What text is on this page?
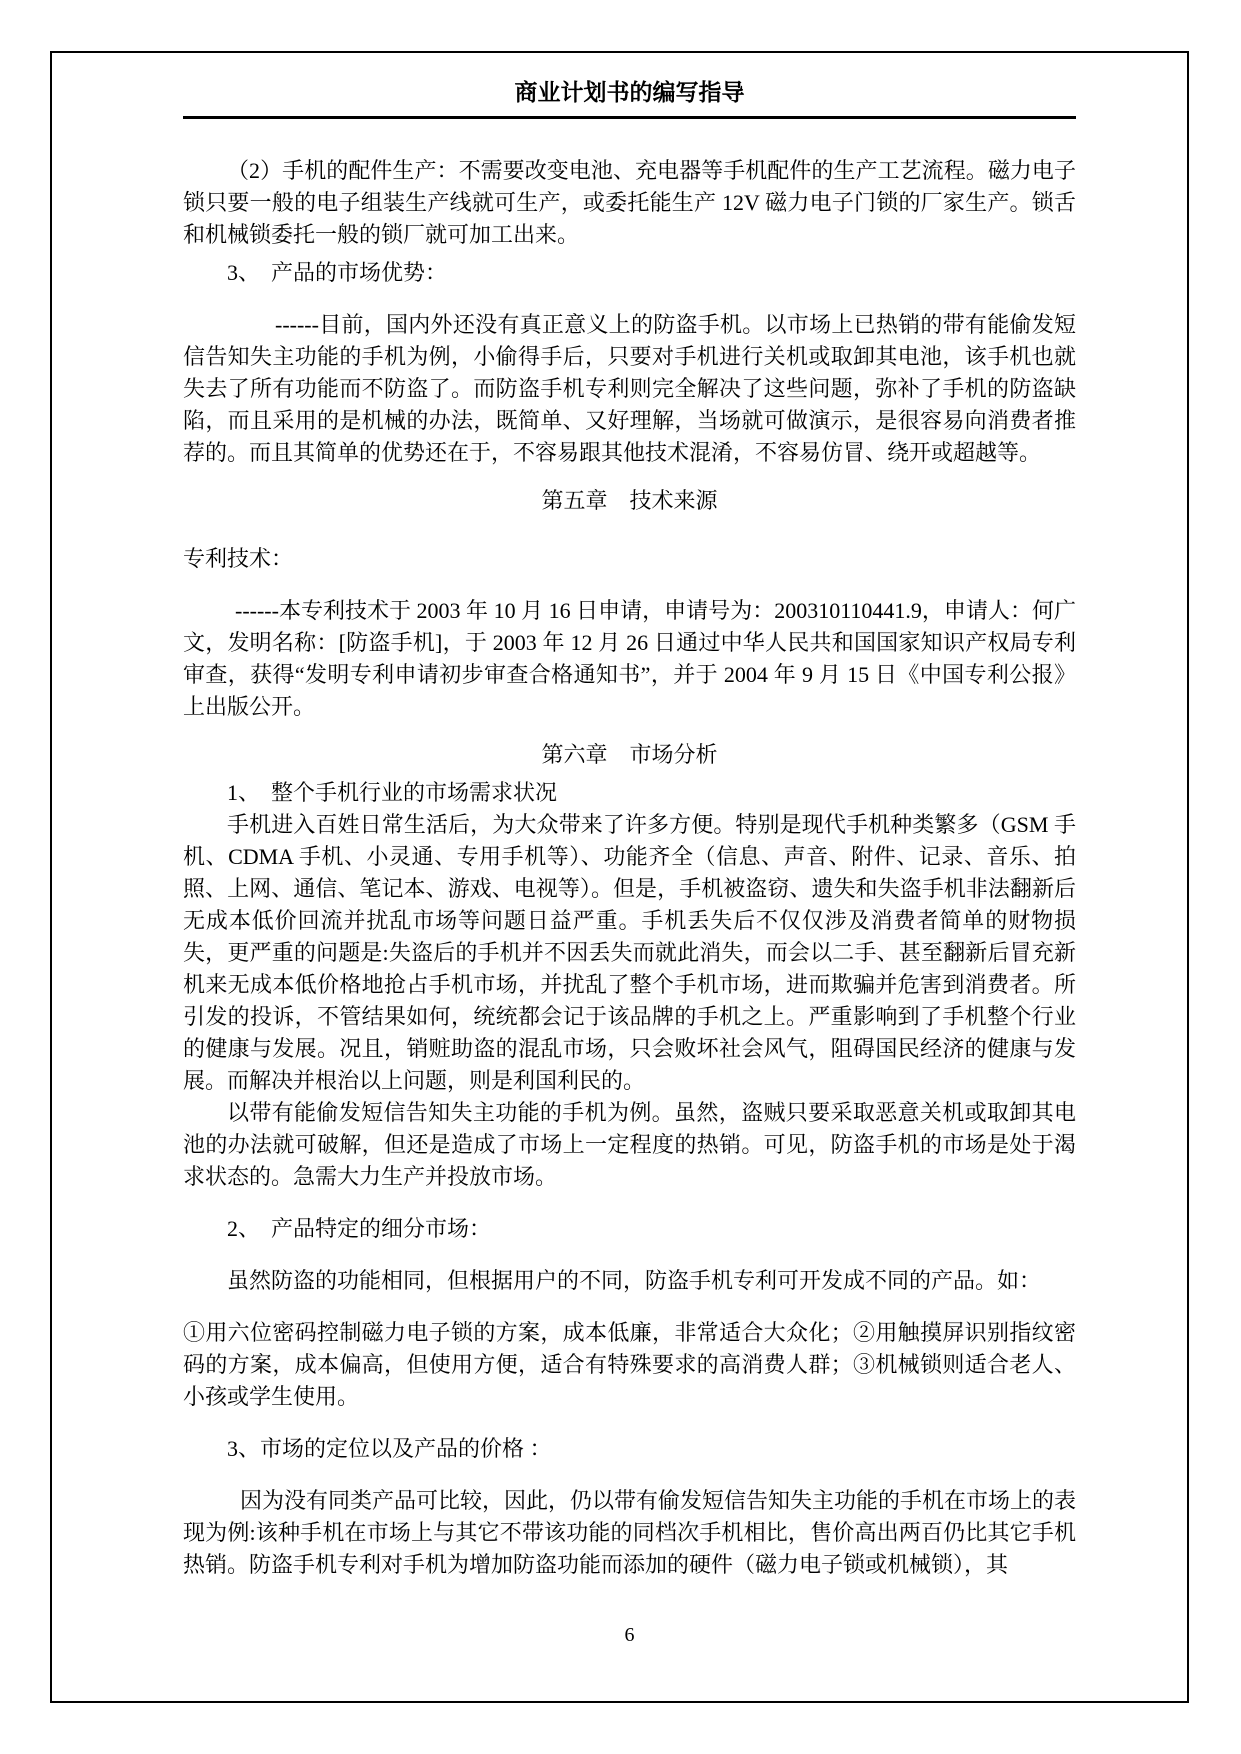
商业计划书的编写指导

（2）手机的配件生产：不需要改变电池、充电器等手机配件的生产工艺流程。磁力电子锁只要一般的电子组装生产线就可生产，或委托能生产 12V 磁力电子门锁的厂家生产。锁舌和机械锁委托一般的锁厂就可加工出来。

3、　产品的市场优势：

------目前，国内外还没有真正意义上的防盗手机。以市场上已热销的带有能偷发短信告知失主功能的手机为例，小偷得手后，只要对手机进行关机或取卸其电池，该手机也就失去了所有功能而不防盗了。而防盗手机专利则完全解决了这些问题，弥补了手机的防盗缺陷，而且采用的是机械的办法，既简单、又好理解，当场就可做演示，是很容易向消费者推荐的。而且其简单的优势还在于，不容易跟其他技术混淆，不容易仿冒、绕开或超越等。

第五章　技术来源

专利技术：

------本专利技术于 2003 年 10 月 16 日申请，申请号为：200310110441.9，申请人：何广文，发明名称：[防盗手机]，于 2003 年 12 月 26 日通过中华人民共和国国家知识产权局专利审查，获得“发明专利申请初步审查合格通知书”，并于 2004 年 9 月 15 日《中国专利公报》上出版公开。

第六章　市场分析

1、　整个手机行业的市场需求状况

手机进入百姓日常生活后，为大众带来了许多方便。特别是现代手机种类繁多（GSM 手机、CDMA 手机、小灵通、专用手机等）、功能齐全（信息、声音、附件、记录、音乐、拍照、上网、通信、笔记本、游戏、电视等）。但是，手机被盗窃、遗失和失盗手机非法翻新后无成本低价回流并扰乱市场等问题日益严重。手机丢失后不仅仅涉及消费者简单的财物损失，更严重的问题是:失盗后的手机并不因丢失而就此消失，而会以二手、甚至翻新后冒充新机来无成本低价格地抢占手机市场，并扰乱了整个手机市场，进而欺骗并危害到消费者。所引发的投诉，不管结果如何，统统都会记于该品牌的手机之上。严重影响到了手机整个行业的健康与发展。况且，销赃助盗的混乱市场，只会败坏社会风气，阻碍国民经济的健康与发展。而解决并根治以上问题，则是利国利民的。

以带有能偷发短信告知失主功能的手机为例。虽然，盗贼只要采取恶意关机或取卸其电池的办法就可破解，但还是造成了市场上一定程度的热销。可见，防盗手机的市场是处于渴求状态的。急需大力生产并投放市场。

2、　产品特定的细分市场：

虽然防盗的功能相同，但根据用户的不同，防盗手机专利可开发成不同的产品。如：

①用六位密码控制磁力电子锁的方案，成本低廉，非常适合大众化；②用触摸屏识别指纹密码的方案，成本偏高，但使用方便，适合有特殊要求的高消费人群；③机械锁则适合老人、小孩或学生使用。

3、市场的定位以及产品的价格 ：

因为没有同类产品可比较，因此，仍以带有偷发短信告知失主功能的手机在市场上的表现为例:该种手机在市场上与其它不带该功能的同档次手机相比，售价高出两百仍比其它手机热销。防盗手机专利对手机为增加防盗功能而添加的硬件（磁力电子锁或机械锁），其

6
